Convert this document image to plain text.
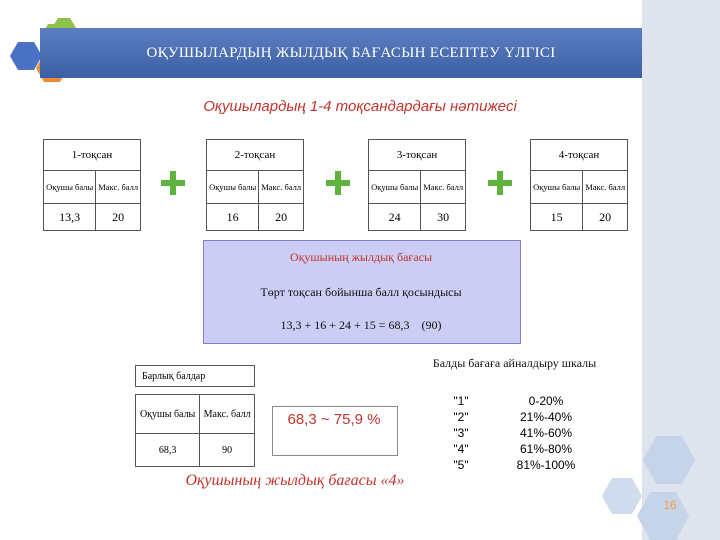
ОҚУШЫЛАРДЫҢ ЖЫЛДЫҚ БАҒАСЫН ЕСЕПТЕУ ҮЛГІСІ
Оқушылардың 1-4 тоқсандардағы нәтижесі
1-тоқсан	
Оқушы балы	Макс. балл
13,3	20
2-тоқсан	
Оқушы балы	Макс. балл
16	20
3-тоқсан	
Оқушы балы	Макс. балл
24	30
4-тоқсан	
Оқушы балы	Макс. балл
15	20
Оқушының жылдық бағасы
Төрт тоқсан бойынша балл қосындысы
13,3 + 16 + 24 + 15 = 68,3    (90)
Барлық балдар
Оқушы балы	Макс. балл
68,3	90
68,3 ~ 75,9 %
Оқушының жылдық бағасы «4»
Балды бағаға айналдыру шкалы
"1"	0-20%
"2"	21%-40%
"3"	41%-60%
"4"	61%-80%
"5"	81%-100%
16
